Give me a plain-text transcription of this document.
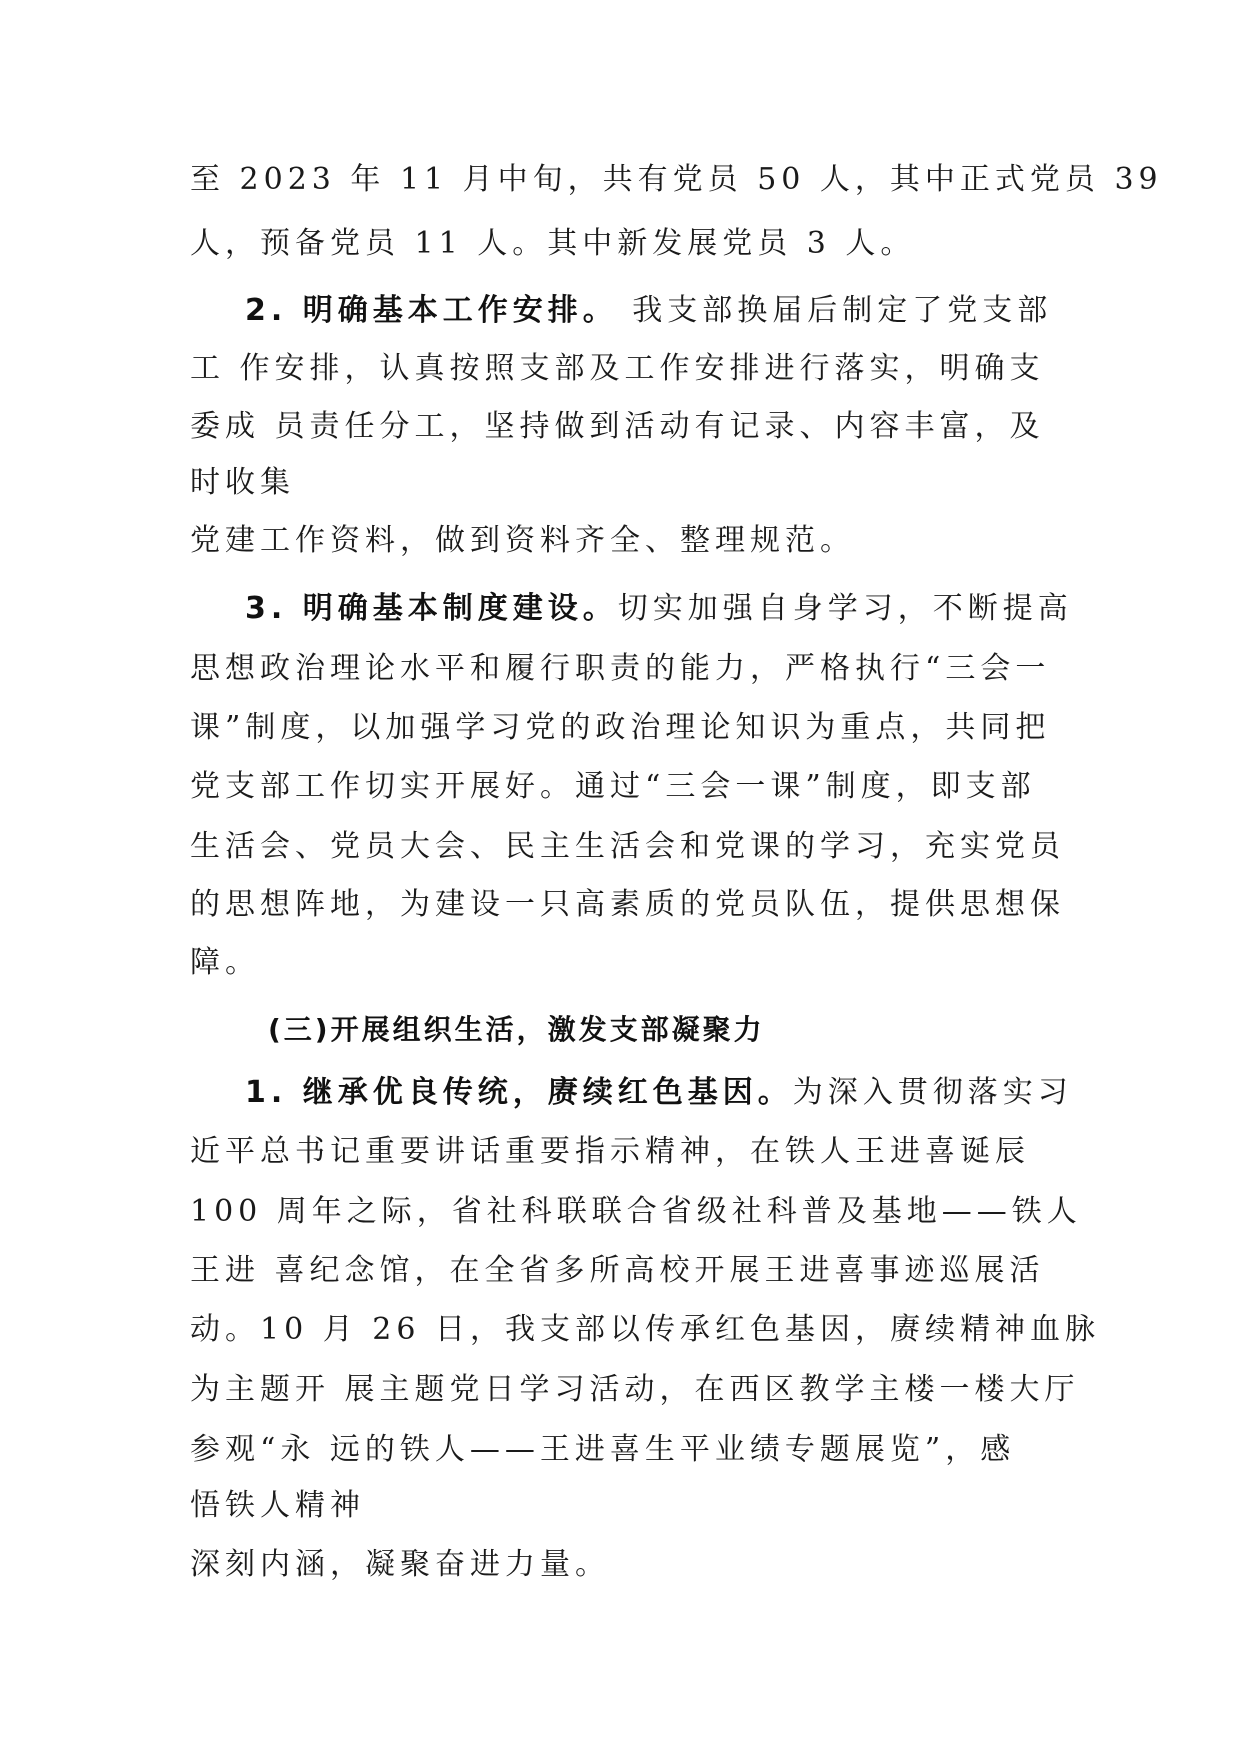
至 2023 年 11 月中旬，共有党员 50 人，其中正式党员 39
人，预备党员 11 人。其中新发展党员 3 人。
2. 明确基本工作安排。 我支部换届后制定了党支部
工 作安排，认真按照支部及工作安排进行落实，明确支
委成 员责任分工，坚持做到活动有记录、内容丰富，及
时收集
党建工作资料，做到资料齐全、整理规范。
3. 明确基本制度建设。切实加强自身学习，不断提高
思想政治理论水平和履行职责的能力，严格执行“三会一
课”制度，以加强学习党的政治理论知识为重点，共同把
党支部工作切实开展好。通过“三会一课”制度，即支部
生活会、党员大会、民主生活会和党课的学习，充实党员
的思想阵地，为建设一只高素质的党员队伍，提供思想保
障。
(三)开展组织生活，激发支部凝聚力
1. 继承优良传统，赓续红色基因。为深入贯彻落实习
近平总书记重要讲话重要指示精神，在铁人王进喜诞辰
100 周年之际，省社科联联合省级社科普及基地——铁人
王进 喜纪念馆，在全省多所高校开展王进喜事迹巡展活
动。10 月 26 日，我支部以传承红色基因，赓续精神血脉
为主题开 展主题党日学习活动，在西区教学主楼一楼大厅
参观“永 远的铁人——王进喜生平业绩专题展览”，感
悟铁人精神
深刻内涵，凝聚奋进力量。
